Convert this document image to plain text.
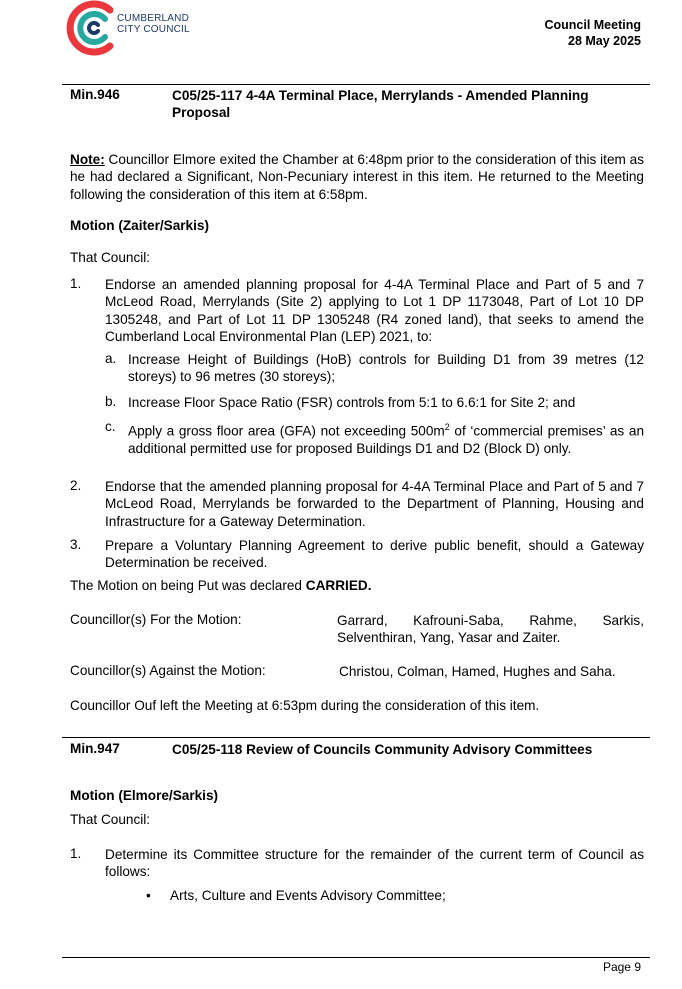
CUMBERLAND
CITY COUNCIL	Council Meeting
28 May 2025
Min.946	C05/25-117 4-4A Terminal Place, Merrylands - Amended Planning Proposal
Note: Councillor Elmore exited the Chamber at 6:48pm prior to the consideration of this item as he had declared a Significant, Non-Pecuniary interest in this item. He returned to the Meeting following the consideration of this item at 6:58pm.
Motion (Zaiter/Sarkis)
That Council:
1. Endorse an amended planning proposal for 4-4A Terminal Place and Part of 5 and 7 McLeod Road, Merrylands (Site 2) applying to Lot 1 DP 1173048, Part of Lot 10 DP 1305248, and Part of Lot 11 DP 1305248 (R4 zoned land), that seeks to amend the Cumberland Local Environmental Plan (LEP) 2021, to:
a. Increase Height of Buildings (HoB) controls for Building D1 from 39 metres (12 storeys) to 96 metres (30 storeys);
b. Increase Floor Space Ratio (FSR) controls from 5:1 to 6.6:1 for Site 2; and
c. Apply a gross floor area (GFA) not exceeding $500m^2$ of ‘commercial premises’ as an additional permitted use for proposed Buildings D1 and D2 (Block D) only.
2. Endorse that the amended planning proposal for 4-4A Terminal Place and Part of 5 and 7 McLeod Road, Merrylands be forwarded to the Department of Planning, Housing and Infrastructure for a Gateway Determination.
3. Prepare a Voluntary Planning Agreement to derive public benefit, should a Gateway Determination be received.
The Motion on being Put was declared CARRIED.
Councillor(s) For the Motion:	Garrard, Kafrouni-Saba, Rahme, Sarkis, Selventhiran, Yang, Yasar and Zaiter.
Councillor(s) Against the Motion:	Christou, Colman, Hamed, Hughes and Saha.
Councillor Ouf left the Meeting at 6:53pm during the consideration of this item.
Min.947	C05/25-118 Review of Councils Community Advisory Committees
Motion (Elmore/Sarkis)
That Council:
1. Determine its Committee structure for the remainder of the current term of Council as follows:
• Arts, Culture and Events Advisory Committee;
Page 9
